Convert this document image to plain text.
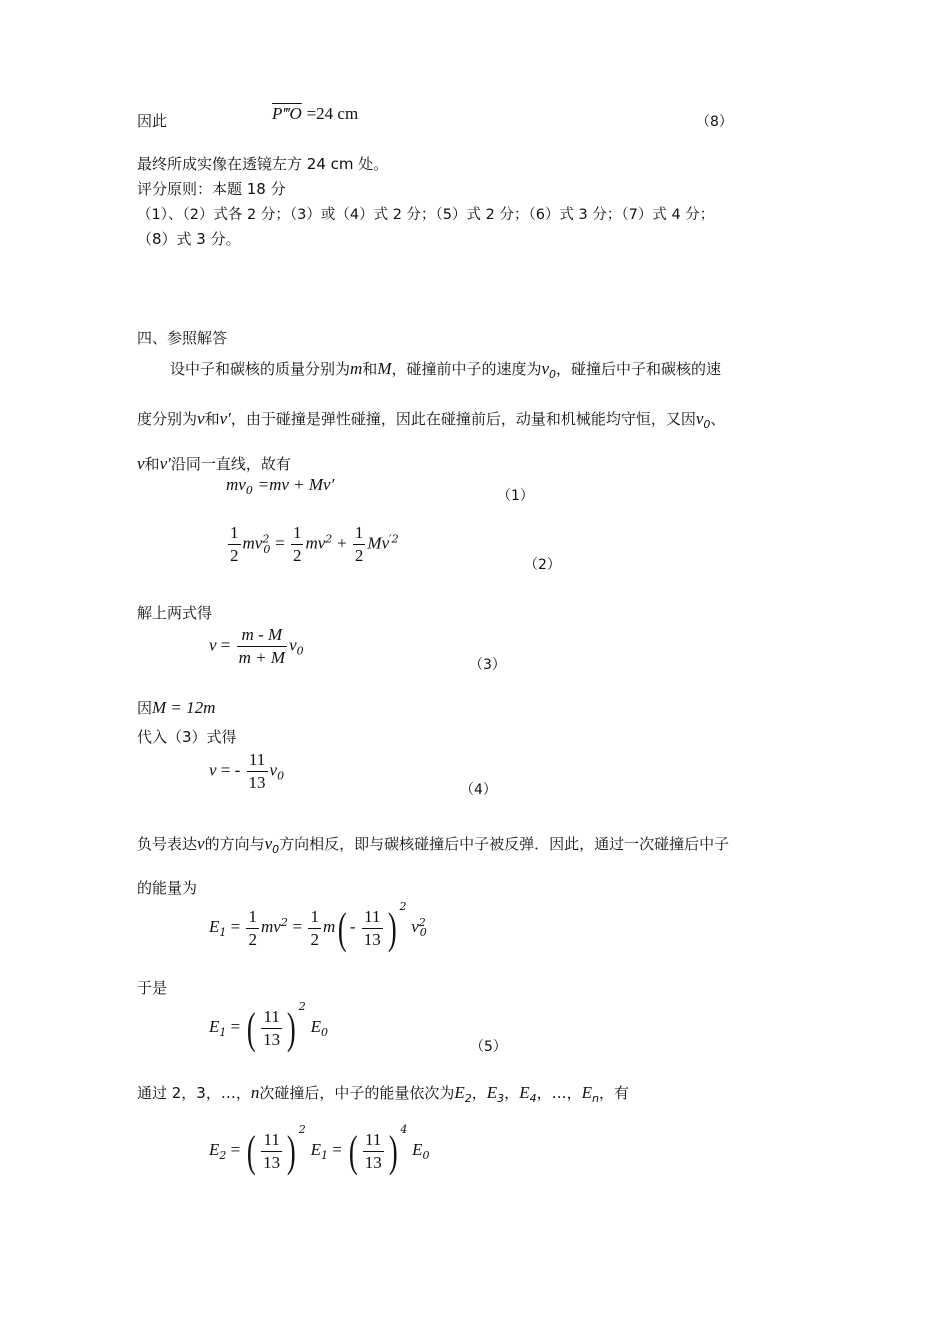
因此	P‴O =24 cm	（8）
最终所成实像在透镜左方 24 cm 处。
评分原则：本题 18 分
（1）、（2）式各 2 分；（3）或（4）式 2 分；（5）式 2 分；（6）式 3 分；（7）式 4 分；
（8）式 3 分。
四、参照解答
设中子和碳核的质量分别为m和M，碰撞前中子的速度为$v_0$，碰撞后中子和碳核的速
度分别为v和v′，由于碰撞是弹性碰撞，因此在碰撞前后，动量和机械能均守恒，又因$v_0$、
v和v′沿同一直线，故有
$mv_0 =mv + Mv'$
（1）
$\frac{1}{2} mv^2_0 = \frac{1}{2} mv^2 + \frac{1}{2} Mv^{'2}$
（2）
解上两式得
$v = \frac{m - M}{m + M} v_0$
（3）
因M = 12m
代入（3）式得
v = - $\frac{11}{13} v_0$
（4）
负号表达v的方向与$v_0$方向相反，即与碳核碰撞后中子被反弹．因此，通过一次碰撞后中子
的能量为
$E_1 = \frac{1}{2} mv^2 = \frac{1}{2} m( - \frac{11}{13}$ ) $^2$ $v^2_0$
于是
$E_1$ = ( $\frac{11}{13}$ ) $^2$ $E_0$
（5）
通过 2，3，…，n次碰撞后，中子的能量依次为$E_2$，$E_3$，$E_4$，…，$E_n$，有
$E_2$ = ( $\frac{11}{13}$ ) $^2$ $E_1$ = ( $\frac{11}{13}$ ) $^4$ $E_0$
